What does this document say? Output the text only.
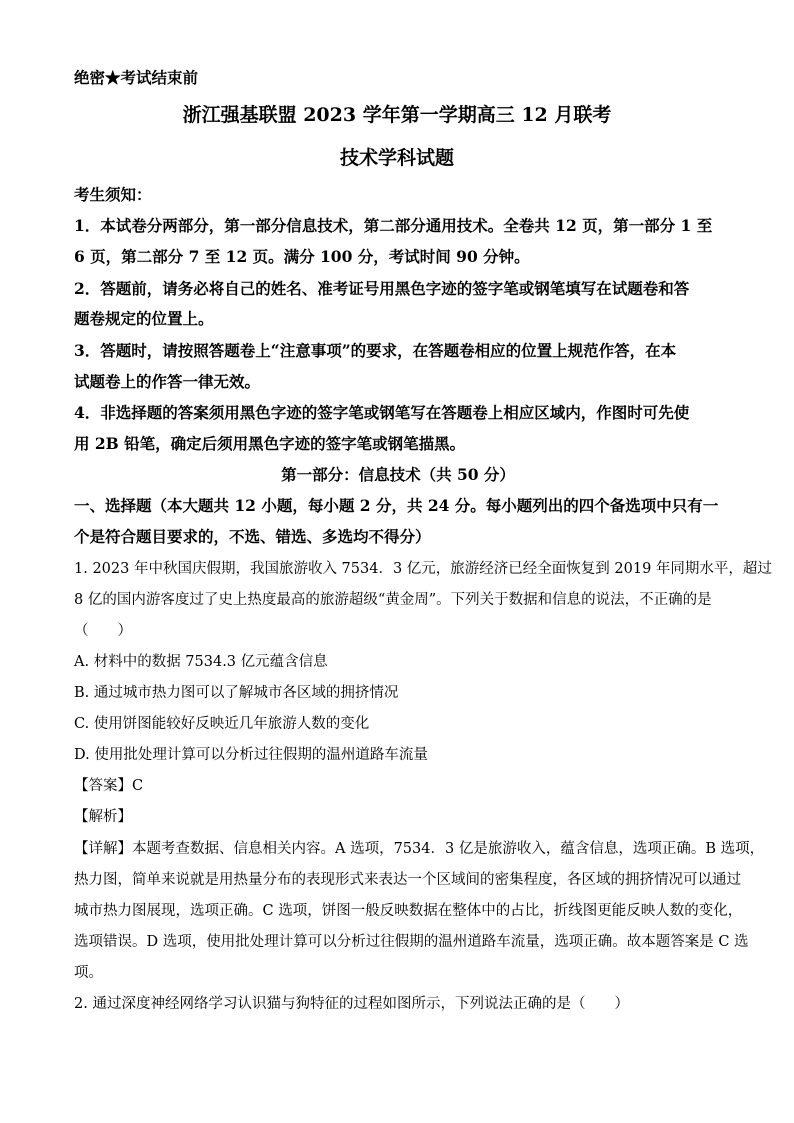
绝密★考试结束前
浙江强基联盟 2023 学年第一学期高三 12 月联考
技术学科试题
考生须知：
1．本试卷分两部分，第一部分信息技术，第二部分通用技术。全卷共 12 页，第一部分 1 至
6 页，第二部分 7 至 12 页。满分 100 分，考试时间 90 分钟。
2．答题前，请务必将自己的姓名、准考证号用黑色字迹的签字笔或钢笔填写在试题卷和答
题卷规定的位置上。
3．答题时，请按照答题卷上“注意事项”的要求，在答题卷相应的位置上规范作答，在本
试题卷上的作答一律无效。
4．非选择题的答案须用黑色字迹的签字笔或钢笔写在答题卷上相应区域内，作图时可先使
用 2B 铅笔，确定后须用黑色字迹的签字笔或钢笔描黑。
第一部分：信息技术（共 50 分）
一、选择题（本大题共 12 小题，每小题 2 分，共 24 分。每小题列出的四个备选项中只有一
个是符合题目要求的，不选、错选、多选均不得分）
1. 2023 年中秋国庆假期，我国旅游收入 7534．3 亿元，旅游经济已经全面恢复到 2019 年同期水平，超过
8 亿的国内游客度过了史上热度最高的旅游超级“黄金周”。下列关于数据和信息的说法，不正确的是
（　　）
A. 材料中的数据 7534.3 亿元蕴含信息
B. 通过城市热力图可以了解城市各区域的拥挤情况
C. 使用饼图能较好反映近几年旅游人数的变化
D. 使用批处理计算可以分析过往假期的温州道路车流量
【答案】C
【解析】
【详解】本题考查数据、信息相关内容。A 选项，7534．3 亿是旅游收入，蕴含信息，选项正确。B 选项，
热力图，简单来说就是用热量分布的表现形式来表达一个区域间的密集程度，各区域的拥挤情况可以通过
城市热力图展现，选项正确。C 选项，饼图一般反映数据在整体中的占比，折线图更能反映人数的变化，
选项错误。D 选项，使用批处理计算可以分析过往假期的温州道路车流量，选项正确。故本题答案是 C 选
项。
2. 通过深度神经网络学习认识猫与狗特征的过程如图所示，下列说法正确的是（　　）
